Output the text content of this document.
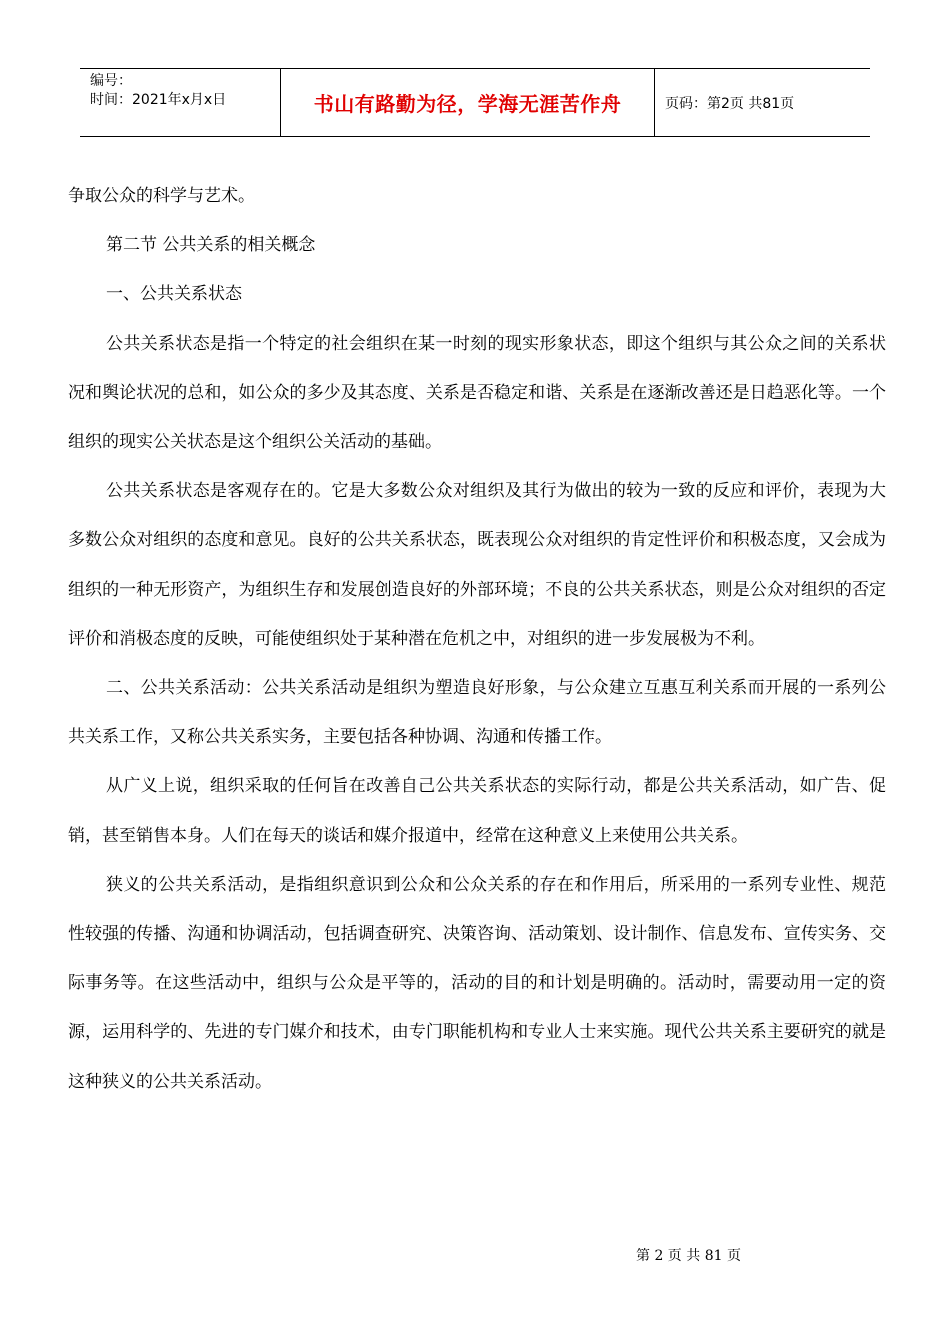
编号：
时间：2021年x月x日	书山有路勤为径，学海无涯苦作舟	页码：第2页 共81页

争取公众的科学与艺术。

第二节 公共关系的相关概念

一、公共关系状态

公共关系状态是指一个特定的社会组织在某一时刻的现实形象状态，即这个组织与其公众之间的关系状况和舆论状况的总和，如公众的多少及其态度、关系是否稳定和谐、关系是在逐渐改善还是日趋恶化等。一个组织的现实公关状态是这个组织公关活动的基础。

公共关系状态是客观存在的。它是大多数公众对组织及其行为做出的较为一致的反应和评价，表现为大多数公众对组织的态度和意见。良好的公共关系状态，既表现公众对组织的肯定性评价和积极态度，又会成为组织的一种无形资产，为组织生存和发展创造良好的外部环境；不良的公共关系状态，则是公众对组织的否定评价和消极态度的反映，可能使组织处于某种潜在危机之中，对组织的进一步发展极为不利。

二、公共关系活动：公共关系活动是组织为塑造良好形象，与公众建立互惠互利关系而开展的一系列公共关系工作，又称公共关系实务，主要包括各种协调、沟通和传播工作。

从广义上说，组织采取的任何旨在改善自己公共关系状态的实际行动，都是公共关系活动，如广告、促销，甚至销售本身。人们在每天的谈话和媒介报道中，经常在这种意义上来使用公共关系。

狭义的公共关系活动，是指组织意识到公众和公众关系的存在和作用后，所采用的一系列专业性、规范性较强的传播、沟通和协调活动，包括调查研究、决策咨询、活动策划、设计制作、信息发布、宣传实务、交际事务等。在这些活动中，组织与公众是平等的，活动的目的和计划是明确的。活动时，需要动用一定的资源，运用科学的、先进的专门媒介和技术，由专门职能机构和专业人士来实施。现代公共关系主要研究的就是这种狭义的公共关系活动。

第 2 页 共 81 页
